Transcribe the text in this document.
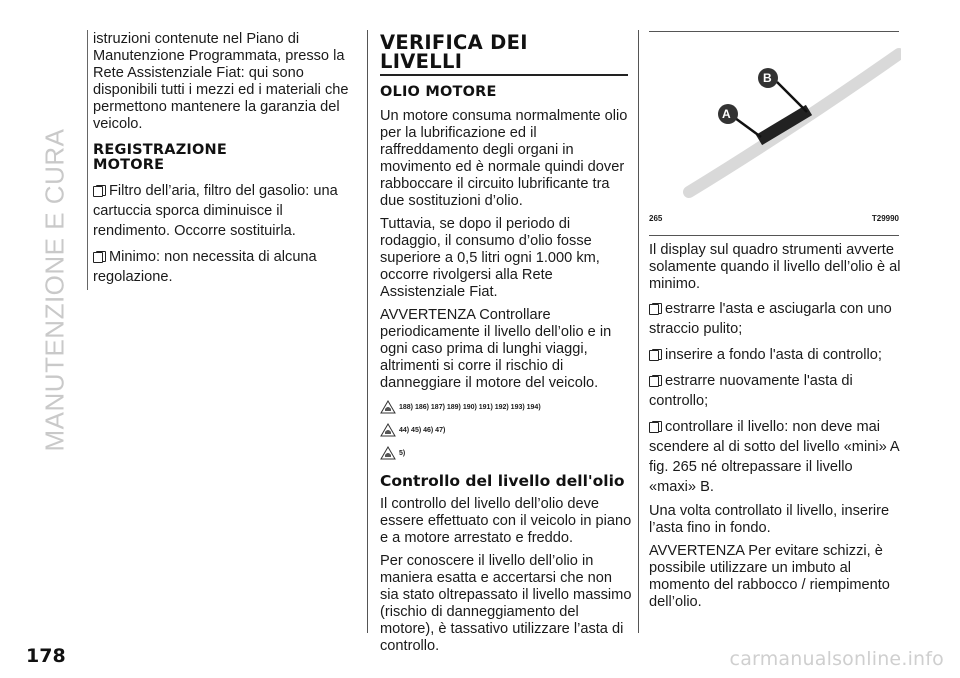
MANUTENZIONE E CURA

istruzioni contenute nel Piano di Manutenzione Programmata, presso la Rete Assistenziale Fiat: qui sono disponibili tutti i mezzi ed i materiali che permettono mantenere la garanzia del veicolo.

REGISTRAZIONE
MOTORE

Filtro dell’aria, filtro del gasolio: una cartuccia sporca diminuisce il rendimento. Occorre sostituirla.

Minimo: non necessita di alcuna regolazione.

VERIFICA DEI
LIVELLI
OLIO MOTORE

Un motore consuma normalmente olio per la lubrificazione ed il raffreddamento degli organi in movimento ed è normale quindi dover rabboccare il circuito lubrificante tra due sostituzioni d’olio.

Tuttavia, se dopo il periodo di rodaggio, il consumo d’olio fosse superiore a 0,5 litri ogni 1.000 km, occorre rivolgersi alla Rete Assistenziale Fiat.

AVVERTENZA Controllare periodicamente il livello dell’olio e in ogni caso prima di lunghi viaggi, altrimenti si corre il rischio di danneggiare il motore del veicolo.

188) 186) 187) 189) 190) 191) 192) 193) 194)
44) 45) 46) 47)
5)
Controllo del livello dell'olio

Il controllo del livello dell’olio deve essere effettuato con il veicolo in piano e a motore arrestato e freddo.

Per conoscere il livello dell’olio in maniera esatta e accertarsi che non sia stato oltrepassato il livello massimo (rischio di danneggiamento del motore), è tassativo utilizzare l’asta di controllo.

A
B
265	T29990

Il display sul quadro strumenti avverte solamente quando il livello dell’olio è al minimo.

estrarre l'asta e asciugarla con uno straccio pulito;

inserire a fondo l'asta di controllo;

estrarre nuovamente l'asta di controllo;

controllare il livello: non deve mai scendere al di sotto del livello «mini» A fig. 265 né oltrepassare il livello «maxi» B.

Una volta controllato il livello, inserire l’asta fino in fondo.

AVVERTENZA Per evitare schizzi, è possibile utilizzare un imbuto al momento del rabbocco / riempimento dell’olio.

178	carmanualsonline.info
